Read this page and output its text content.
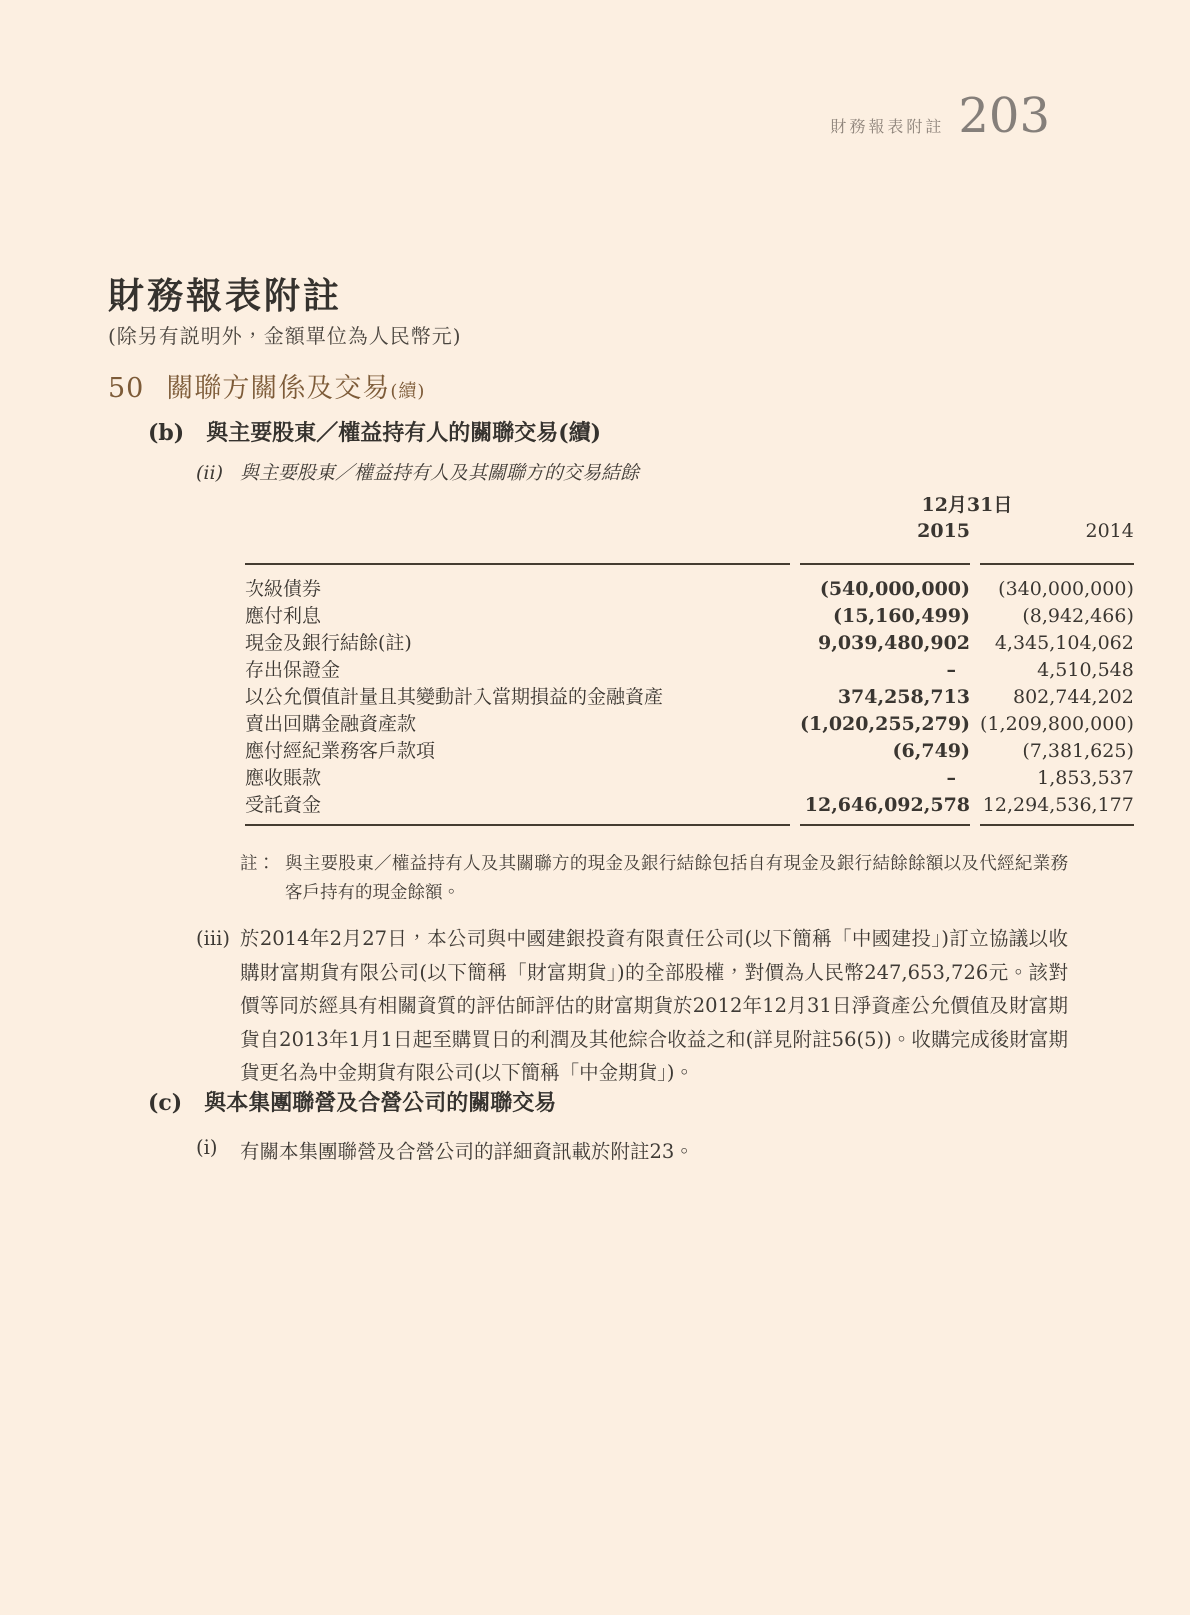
財務報表附註 203
財務報表附註
(除另有説明外，金額單位為人民幣元)
50 關聯方關係及交易(續)
(b) 與主要股東／權益持有人的關聯交易(續)
(ii) 與主要股東／權益持有人及其關聯方的交易結餘
	12月31日	
	2015	2014
次級債券	(540,000,000)	(340,000,000)
應付利息	(15,160,499)	(8,942,466)
現金及銀行結餘(註)	9,039,480,902	4,345,104,062
存出保證金	–	4,510,548
以公允價值計量且其變動計入當期損益的金融資產	374,258,713	802,744,202
賣出回購金融資產款	(1,020,255,279)	(1,209,800,000)
應付經紀業務客戶款項	(6,749)	(7,381,625)
應收賬款	–	1,853,537
受託資金	12,646,092,578	12,294,536,177
註： 與主要股東／權益持有人及其關聯方的現金及銀行結餘包括自有現金及銀行結餘餘額以及代經紀業務客戶持有的現金餘額。
(iii) 於2014年2月27日，本公司與中國建銀投資有限責任公司(以下簡稱「中國建投」)訂立協議以收購財富期貨有限公司(以下簡稱「財富期貨」)的全部股權，對價為人民幣247,653,726元。該對價等同於經具有相關資質的評估師評估的財富期貨於2012年12月31日淨資產公允價值及財富期貨自2013年1月1日起至購買日的利潤及其他綜合收益之和(詳見附註56(5))。收購完成後財富期貨更名為中金期貨有限公司(以下簡稱「中金期貨」)。
(c) 與本集團聯營及合營公司的關聯交易
(i)	有關本集團聯營及合營公司的詳細資訊載於附註23。
